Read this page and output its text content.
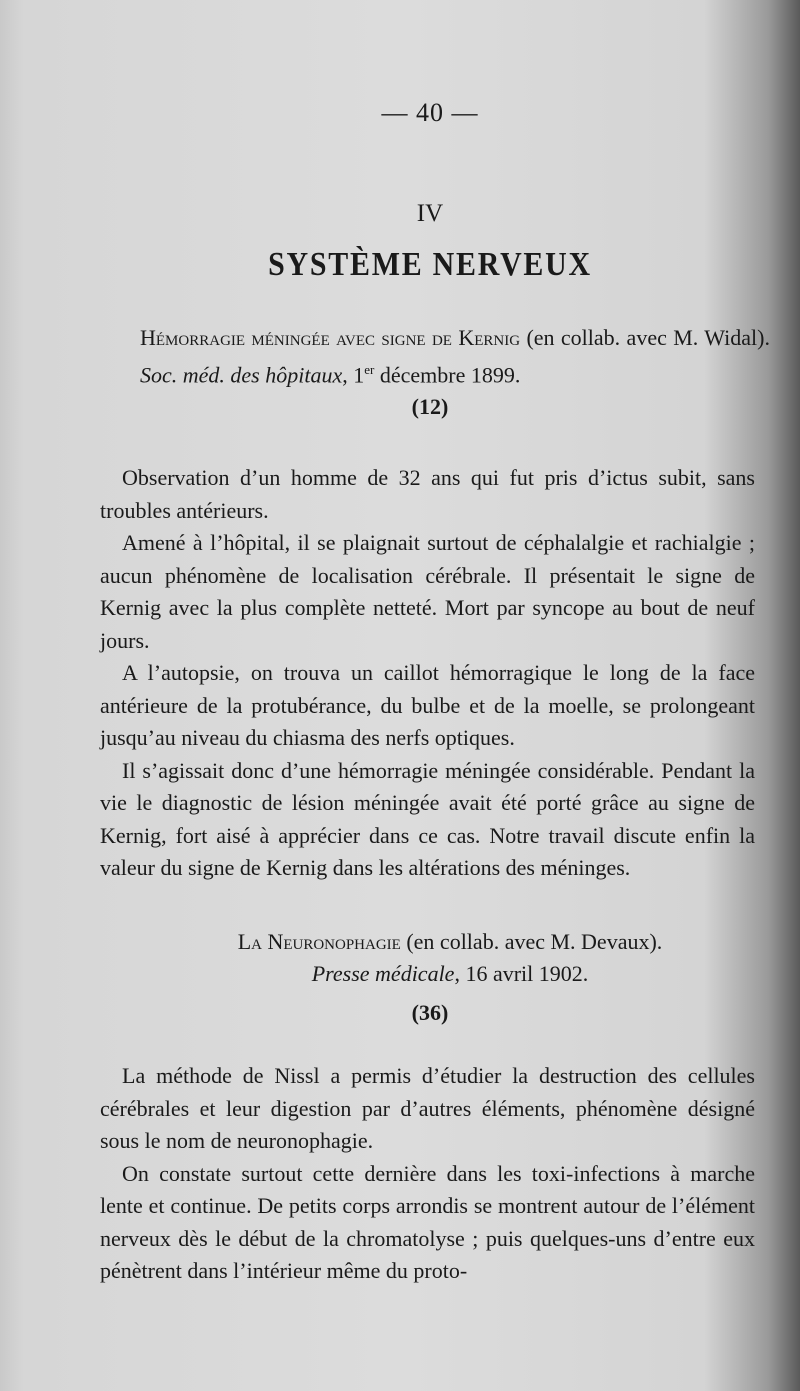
— 40 —
IV
SYSTÈME NERVEUX
Hémorragie méningée avec signe de Kernig (en collab. avec M. Widal). Soc. méd. des hôpitaux, 1er décembre 1899.
(12)

Observation d’un homme de 32 ans qui fut pris d’ictus subit, sans troubles antérieurs.

Amené à l’hôpital, il se plaignait surtout de céphalalgie et rachialgie ; aucun phénomène de localisation cérébrale. Il présentait le signe de Kernig avec la plus complète netteté. Mort par syncope au bout de neuf jours.

A l’autopsie, on trouva un caillot hémorragique le long de la face antérieure de la protubérance, du bulbe et de la moelle, se prolongeant jusqu’au niveau du chiasma des nerfs optiques.

Il s’agissait donc d’une hémorragie méningée considérable. Pendant la vie le diagnostic de lésion méningée avait été porté grâce au signe de Kernig, fort aisé à apprécier dans ce cas. Notre travail discute enfin la valeur du signe de Kernig dans les altérations des méninges.

La Neuronophagie (en collab. avec M. Devaux).
Presse médicale, 16 avril 1902.
(36)

La méthode de Nissl a permis d’étudier la destruction des cellules cérébrales et leur digestion par d’autres éléments, phénomène désigné sous le nom de neuronophagie.

On constate surtout cette dernière dans les toxi-infections à marche lente et continue. De petits corps arrondis se montrent autour de l’élément nerveux dès le début de la chromatolyse ; puis quelques-uns d’entre eux pénètrent dans l’intérieur même du proto-
